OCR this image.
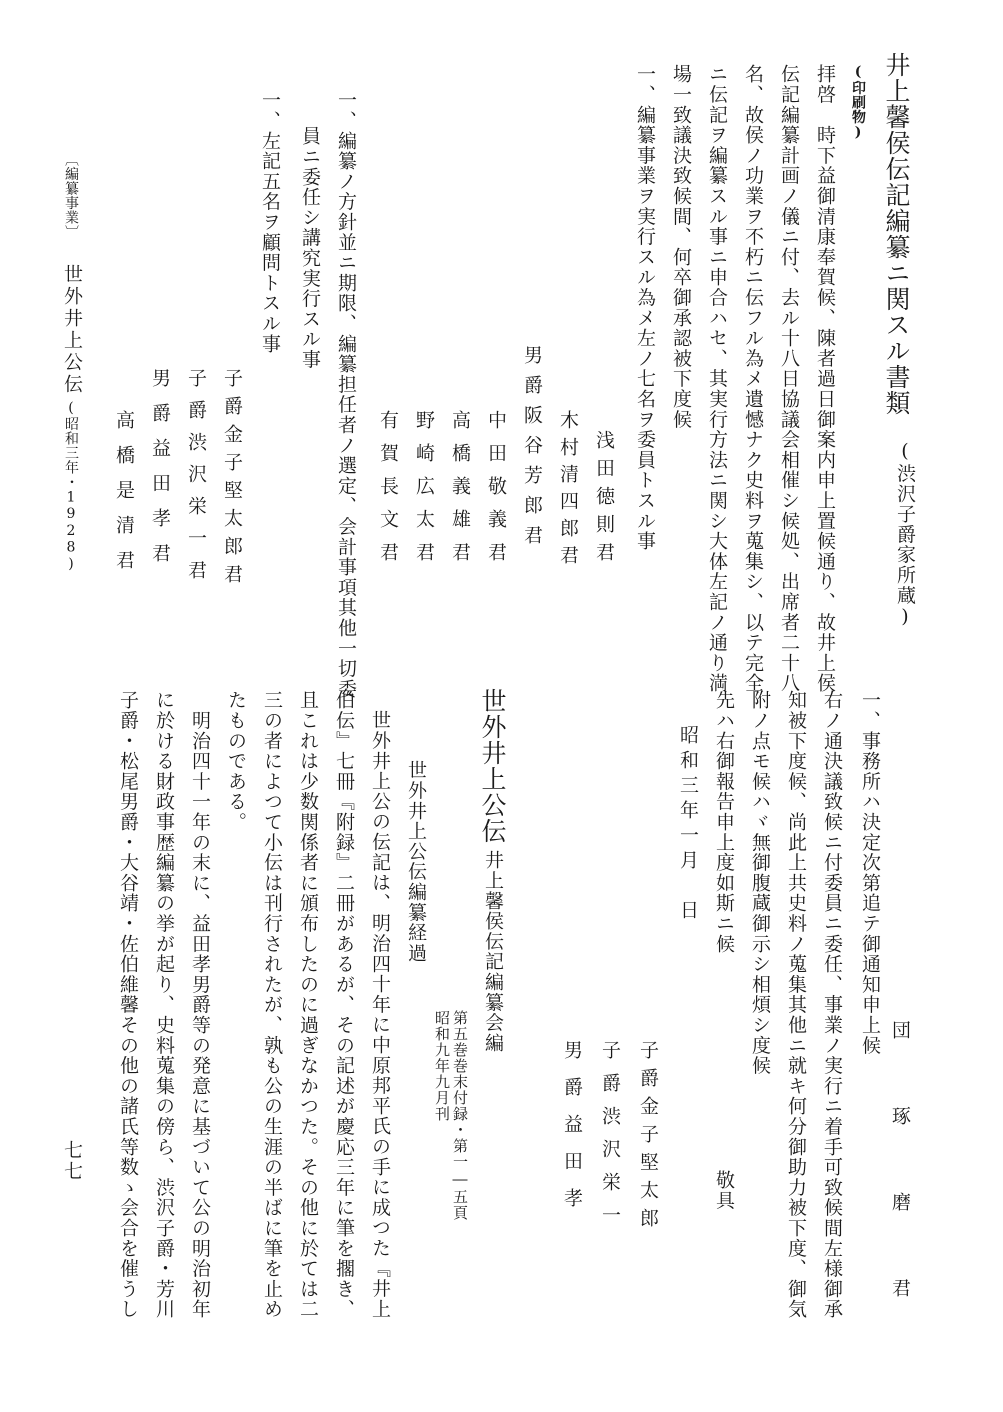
井上馨侯伝記編纂ニ関スル書類
(渋沢子爵家所蔵)
(印刷物)
拝啓　時下益御清康奉賀候、陳者過日御案内申上置候通り、故井上侯
伝記編纂計画ノ儀ニ付、去ル十八日協議会相催シ候処、出席者二十八
名、故侯ノ功業ヲ不朽ニ伝フル為メ遺憾ナク史料ヲ蒐集シ、以テ完全
ニ伝記ヲ編纂スル事ニ申合ハセ、其実行方法ニ関シ大体左記ノ通り満
場一致議決致候間、何卒御承認被下度候
一、編纂事業ヲ実行スル為メ左ノ七名ヲ委員トスル事
浅田徳則君
木村清四郎君
男爵阪谷芳郎君
中田敬義君
高橋義雄君
野崎広太君
有賀長文君
一、編纂ノ方針並ニ期限、編纂担任者ノ選定、会計事項其他一切委
員ニ委任シ講究実行スル事
一、左記五名ヲ顧問トスル事
子爵金子堅太郎君
子爵渋沢栄一君
男爵益田孝君
高橋是清君
一、事務所ハ決定次第追テ御通知申上候
団　琢　磨　君
右ノ通決議致候ニ付委員ニ委任、事業ノ実行ニ着手可致候間左様御承
知被下度候、尚此上共史料ノ蒐集其他ニ就キ何分御助力被下度、御気
附ノ点モ候ハヾ無御腹蔵御示シ相煩シ度候
先ハ右御報告申上度如斯ニ候
敬具
昭和三年一月　日
子爵金子堅太郎
子爵渋沢栄一
男爵益田孝
世外井上公伝
井上馨侯伝記編纂会編
第五巻巻末付録・第一―五頁
昭和九年九月刊
世外井上公伝編纂経過
世外井上公の伝記は、明治四十年に中原邦平氏の手に成つた『井上
伯伝』七冊『附録』二冊があるが、その記述が慶応三年に筆を擱き、
且これは少数関係者に頒布したのに過ぎなかつた。その他に於ては二
三の者によつて小伝は刊行されたが、孰も公の生涯の半ばに筆を止め
たものである。
　明治四十一年の末に、益田孝男爵等の発意に基づいて公の明治初年
に於ける財政事歴編纂の挙が起り、史料蒐集の傍ら、渋沢子爵・芳川
子爵・松尾男爵・大谷靖・佐伯維馨その他の諸氏等数ゝ会合を催うし
〔編纂事業〕
世外井上公伝
(昭和三年・1928)
七七
